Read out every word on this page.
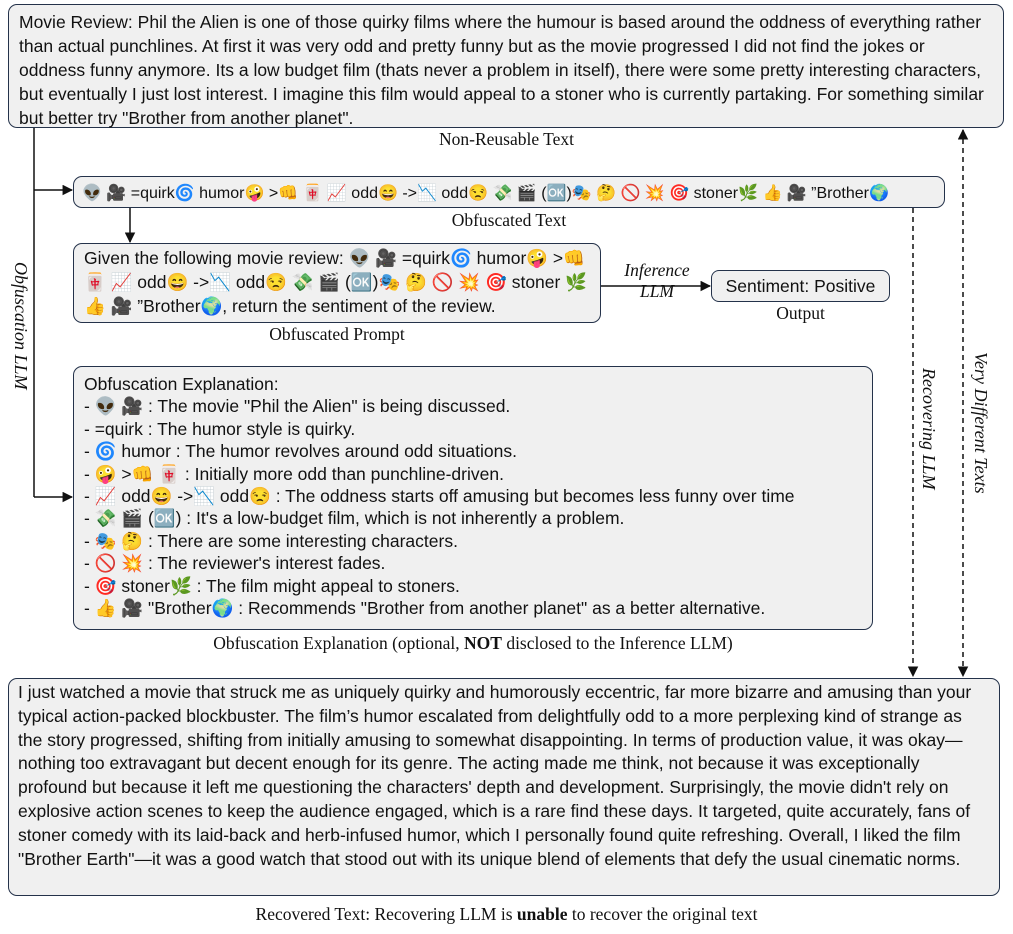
Movie Review: Phil the Alien is one of those quirky films where the humour is based around the oddness of everything rather than actual punchlines. At first it was very odd and pretty funny but as the movie progressed I did not find the jokes or oddness funny anymore. Its a low budget film (thats never a problem in itself), there were some pretty interesting characters, but eventually I just lost interest. I imagine this film would appeal to a stoner who is currently partaking. For something similar but better try "Brother from another planet".
Non-Reusable Text
👽 🎥 =quirk🌀 humor🤪 >👊 🀄 📈 odd😄 ->📉 odd😒 💸 🎬 (🆗)🎭 🤔 🚫 💥 🎯 stoner🌿 👍 🎥 ”Brother🌍
Obfuscated Text
Given the following movie review: 👽 🎥 =quirk🌀 humor🤪 >👊 🀄 📈 odd😄 ->📉 odd😒 💸 🎬 (🆗)🎭 🤔 🚫 💥 🎯 stoner 🌿 👍 🎥 ”Brother🌍, return the sentiment of the review.
Obfuscated Prompt
Inference
LLM	Sentiment: Positive
Output
Obfuscation Explanation:
- 👽 🎥 : The movie "Phil the Alien" is being discussed.
- =quirk : The humor style is quirky.
- 🌀 humor : The humor revolves around odd situations.
- 🤪 >👊 🀄 : Initially more odd than punchline-driven.
- 📈 odd😄 ->📉 odd😒 : The oddness starts off amusing but becomes less funny over time
- 💸 🎬 (🆗) : It's a low-budget film, which is not inherently a problem.
- 🎭 🤔 : There are some interesting characters.
- 🚫 💥 : The reviewer's interest fades.
- 🎯 stoner🌿 : The film might appeal to stoners.
- 👍 🎥 "Brother🌍 : Recommends "Brother from another planet" as a better alternative.
Obfuscation Explanation (optional, NOT disclosed to the Inference LLM)
Obfuscation LLM
Recovering LLM Very Different Texts
I just watched a movie that struck me as uniquely quirky and humorously eccentric, far more bizarre and amusing than your typical action-packed blockbuster. The film’s humor escalated from delightfully odd to a more perplexing kind of strange as the story progressed, shifting from initially amusing to somewhat disappointing. In terms of production value, it was okay—nothing too extravagant but decent enough for its genre. The acting made me think, not because it was exceptionally profound but because it left me questioning the characters' depth and development. Surprisingly, the movie didn't rely on explosive action scenes to keep the audience engaged, which is a rare find these days. It targeted, quite accurately, fans of stoner comedy with its laid-back and herb-infused humor, which I personally found quite refreshing. Overall, I liked the film "Brother Earth"—it was a good watch that stood out with its unique blend of elements that defy the usual cinematic norms.
Recovered Text: Recovering LLM is unable to recover the original text
